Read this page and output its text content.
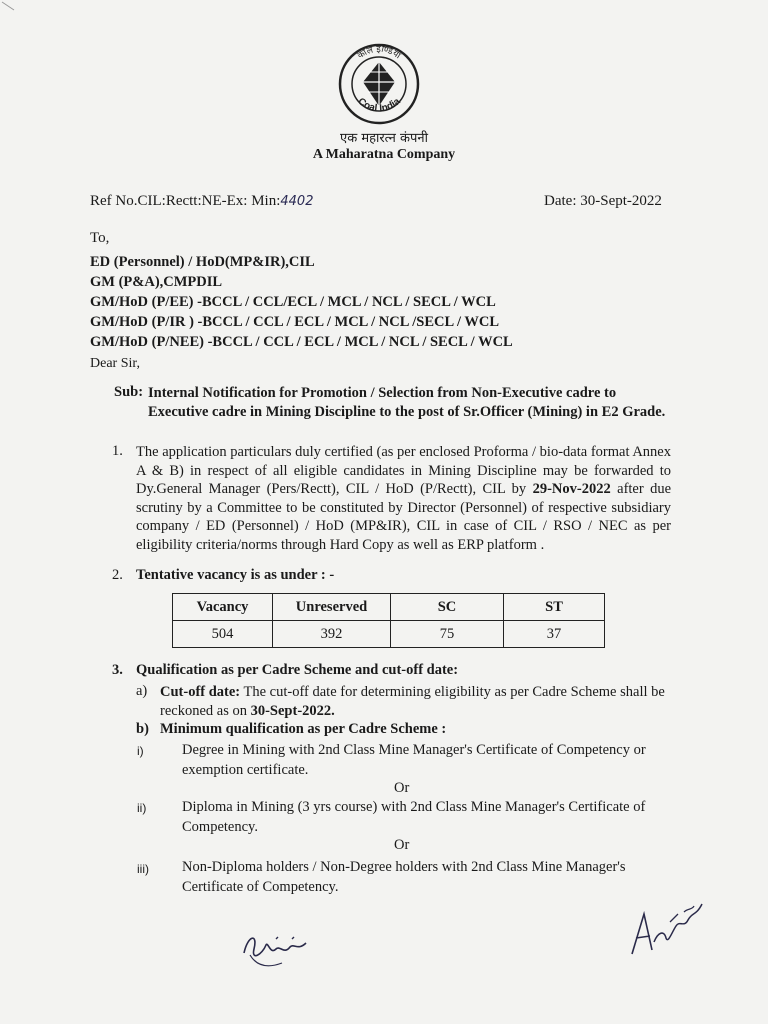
कोल इण्डिया
Coal India
एक महारत्न कंपनी
A Maharatna Company
Ref No.CIL:Rectt:NE-Ex: Min:4402	Date: 30-Sept-2022
To,
ED (Personnel) / HoD(MP&IR),CIL
GM (P&A),CMPDIL
GM/HoD (P/EE) -BCCL / CCL/ECL / MCL / NCL / SECL / WCL
GM/HoD (P/IR ) -BCCL / CCL / ECL / MCL / NCL /SECL / WCL
GM/HoD (P/NEE) -BCCL / CCL / ECL / MCL / NCL / SECL / WCL
Dear Sir,
Sub: Internal Notification for Promotion / Selection from Non-Executive cadre to Executive cadre in Mining Discipline to the post of Sr.Officer (Mining) in E2 Grade.
1. The application particulars duly certified (as per enclosed Proforma / bio-data format Annex A & B) in respect of all eligible candidates in Mining Discipline may be forwarded to Dy.General Manager (Pers/Rectt), CIL / HoD (P/Rectt), CIL by 29-Nov-2022 after due scrutiny by a Committee to be constituted by Director (Personnel) of respective subsidiary company / ED (Personnel) / HoD (MP&IR), CIL in case of CIL / RSO / NEC as per eligibility criteria/norms through Hard Copy as well as ERP platform .
2. Tentative vacancy is as under : -
Vacancy	Unreserved	SC	ST
504	392	75	37
3. Qualification as per Cadre Scheme and cut-off date:
a) Cut-off date: The cut-off date for determining eligibility as per Cadre Scheme shall be reckoned as on 30-Sept-2022.
b) Minimum qualification as per Cadre Scheme :
i)	Degree in Mining with 2nd Class Mine Manager's Certificate of Competency or exemption certificate.
Or
ii) Diploma in Mining (3 yrs course) with 2nd Class Mine Manager's Certificate of Competency.
Or
iii) Non-Diploma holders / Non-Degree holders with 2nd Class Mine Manager's Certificate of Competency.
